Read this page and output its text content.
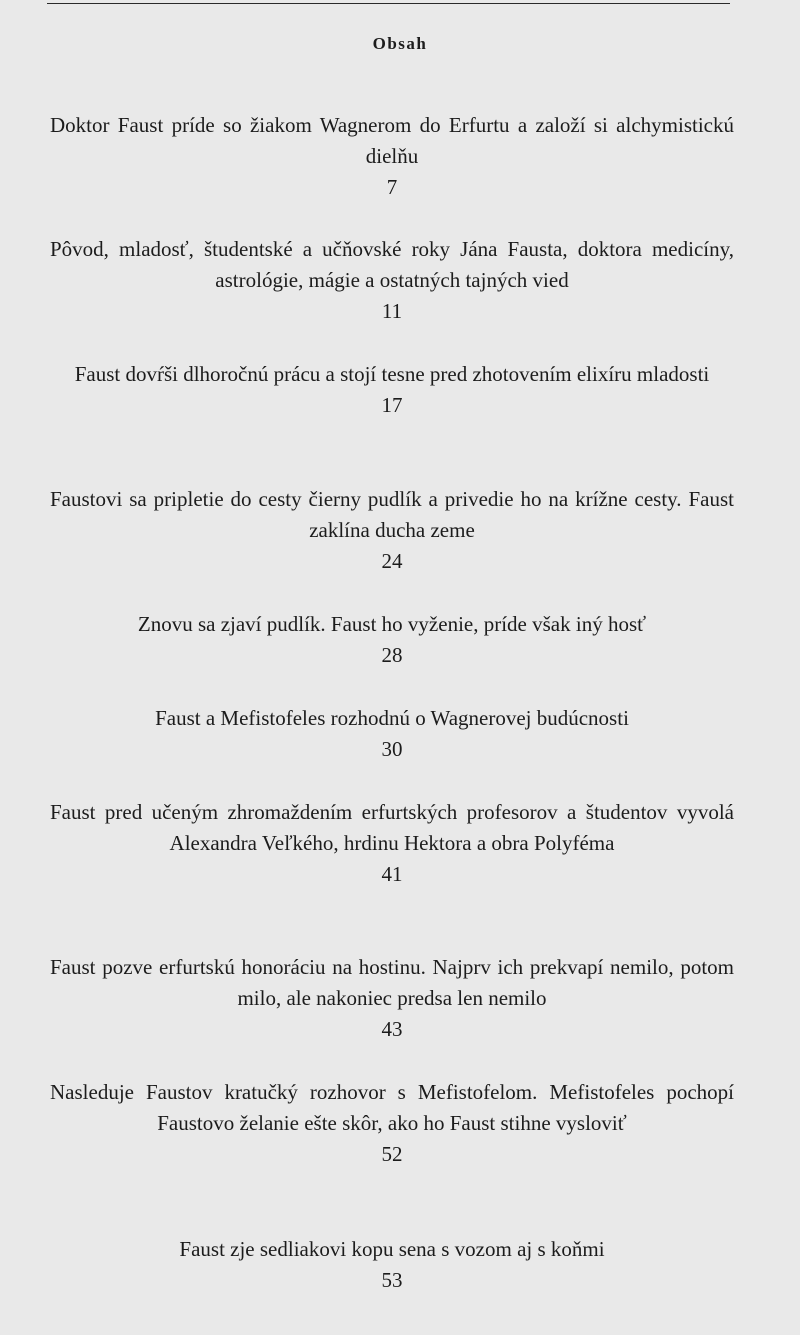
Obsah
Doktor Faust príde so žiakom Wagnerom do Erfurtu a založí si alchymistickú dielňu
7
Pôvod, mladosť, študentské a učňovské roky Jána Fausta, doktora medicíny, astrológie, mágie a ostatných tajných vied
11
Faust dovŕši dlhoročnú prácu a stojí tesne pred zhotovením elixíru mladosti
17
Faustovi sa pripletie do cesty čierny pudlík a privedie ho na krížne cesty. Faust zaklína ducha zeme
24
Znovu sa zjaví pudlík. Faust ho vyženie, príde však iný hosť
28
Faust a Mefistofeles rozhodnú o Wagnerovej budúcnosti
30
Faust pred učeným zhromaždením erfurtských profesorov a študentov vyvolá Alexandra Veľkého, hrdinu Hektora a obra Polyféma
41
Faust pozve erfurtskú honoráciu na hostinu. Najprv ich prekvapí nemilo, potom milo, ale nakoniec predsa len nemilo
43
Nasleduje Faustov kratučký rozhovor s Mefistofelom. Mefistofeles pochopí Faustovo želanie ešte skôr, ako ho Faust stihne vysloviť
52
Faust zje sedliakovi kopu sena s vozom aj s koňmi
53
